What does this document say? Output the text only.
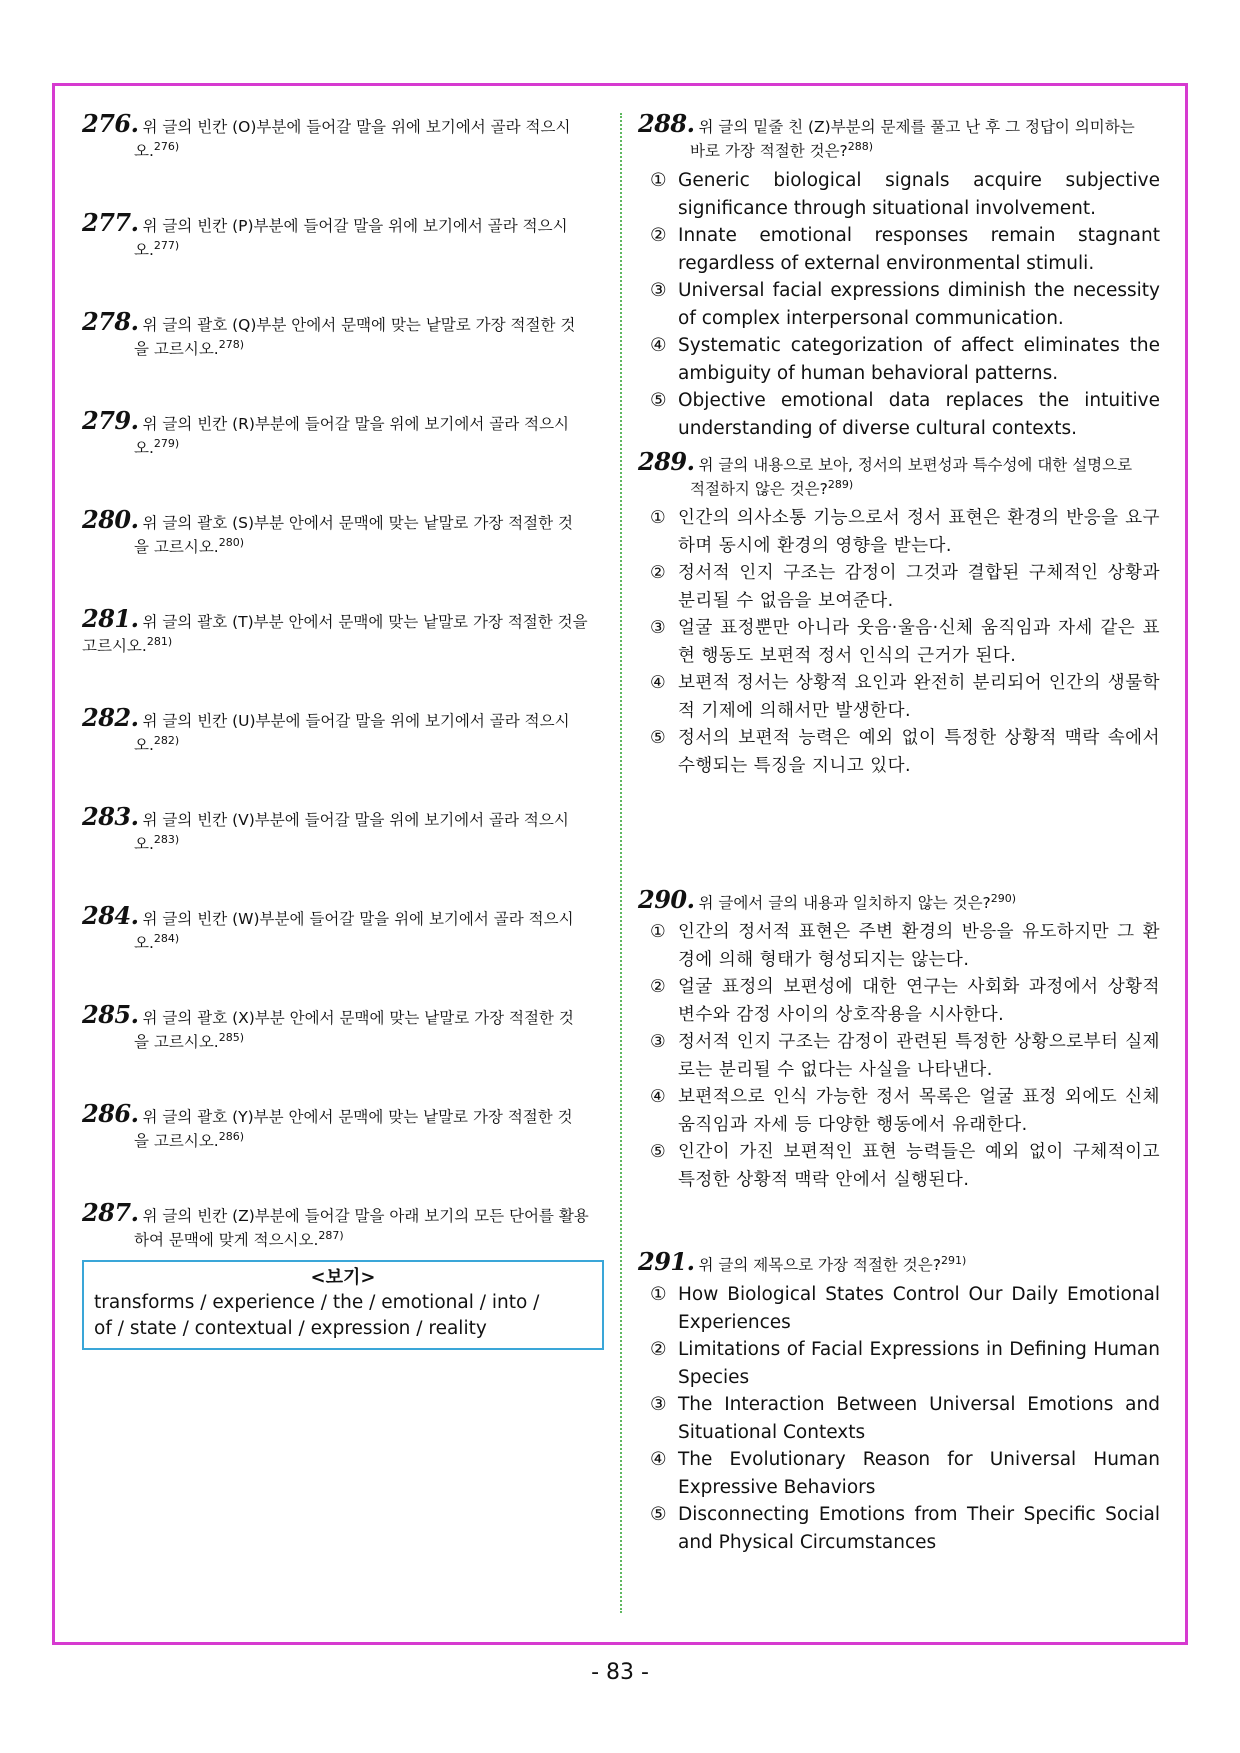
276. 위 글의 빈칸 (O)부분에 들어갈 말을 위에 보기에서 골라 적으시
오.$^{276)}$
277. 위 글의 빈칸 (P)부분에 들어갈 말을 위에 보기에서 골라 적으시
오.$^{277)}$
278. 위 글의 괄호 (Q)부분 안에서 문맥에 맞는 낱말로 가장 적절한 것
을 고르시오.$^{278)}$
279. 위 글의 빈칸 (R)부분에 들어갈 말을 위에 보기에서 골라 적으시
오.$^{279)}$
280. 위 글의 괄호 (S)부분 안에서 문맥에 맞는 낱말로 가장 적절한 것
을 고르시오.$^{280)}$
281. 위 글의 괄호 (T)부분 안에서 문맥에 맞는 낱말로 가장 적절한 것을
고르시오.$^{281)}$
282. 위 글의 빈칸 (U)부분에 들어갈 말을 위에 보기에서 골라 적으시
오.$^{282)}$
283. 위 글의 빈칸 (V)부분에 들어갈 말을 위에 보기에서 골라 적으시
오.$^{283)}$
284. 위 글의 빈칸 (W)부분에 들어갈 말을 위에 보기에서 골라 적으시
오.$^{284)}$
285. 위 글의 괄호 (X)부분 안에서 문맥에 맞는 낱말로 가장 적절한 것
을 고르시오.$^{285)}$
286. 위 글의 괄호 (Y)부분 안에서 문맥에 맞는 낱말로 가장 적절한 것
을 고르시오.$^{286)}$
287. 위 글의 빈칸 (Z)부분에 들어갈 말을 아래 보기의 모든 단어를 활용
하여 문맥에 맞게 적으시오.$^{287)}$
<보기>
transforms / experience / the / emotional / into /
of / state / contextual / expression / reality
288. 위 글의 밑줄 친 (Z)부분의 문제를 풀고 난 후 그 정답이 의미하는
바로 가장 적절한 것은?$^{288)}$
① Generic biological signals acquire subjective significance through situational involvement.
② Innate emotional responses remain stagnant regardless of external environmental stimuli.
③ Universal facial expressions diminish the necessity of complex interpersonal communication.
④ Systematic categorization of affect eliminates the ambiguity of human behavioral patterns.
⑤ Objective emotional data replaces the intuitive understanding of diverse cultural contexts.
289. 위 글의 내용으로 보아, 정서의 보편성과 특수성에 대한 설명으로
적절하지 않은 것은?$^{289)}$
① 인간의 의사소통 기능으로서 정서 표현은 환경의 반응을 요구하며 동시에 환경의 영향을 받는다.
② 정서적 인지 구조는 감정이 그것과 결합된 구체적인 상황과 분리될 수 없음을 보여준다.
③ 얼굴 표정뿐만 아니라 웃음·울음·신체 움직임과 자세 같은 표현 행동도 보편적 정서 인식의 근거가 된다.
④ 보편적 정서는 상황적 요인과 완전히 분리되어 인간의 생물학적 기제에 의해서만 발생한다.
⑤ 정서의 보편적 능력은 예외 없이 특정한 상황적 맥락 속에서 수행되는 특징을 지니고 있다.
290. 위 글에서 글의 내용과 일치하지 않는 것은?$^{290)}$
① 인간의 정서적 표현은 주변 환경의 반응을 유도하지만 그 환경에 의해 형태가 형성되지는 않는다.
② 얼굴 표정의 보편성에 대한 연구는 사회화 과정에서 상황적 변수와 감정 사이의 상호작용을 시사한다.
③ 정서적 인지 구조는 감정이 관련된 특정한 상황으로부터 실제로는 분리될 수 없다는 사실을 나타낸다.
④ 보편적으로 인식 가능한 정서 목록은 얼굴 표정 외에도 신체 움직임과 자세 등 다양한 행동에서 유래한다.
⑤ 인간이 가진 보편적인 표현 능력들은 예외 없이 구체적이고 특정한 상황적 맥락 안에서 실행된다.
291. 위 글의 제목으로 가장 적절한 것은?$^{291)}$
① How Biological States Control Our Daily Emotional Experiences
② Limitations of Facial Expressions in Defining Human Species
③ The Interaction Between Universal Emotions and Situational Contexts
④ The Evolutionary Reason for Universal Human Expressive Behaviors
⑤ Disconnecting Emotions from Their Specific Social and Physical Circumstances
- 83 -
